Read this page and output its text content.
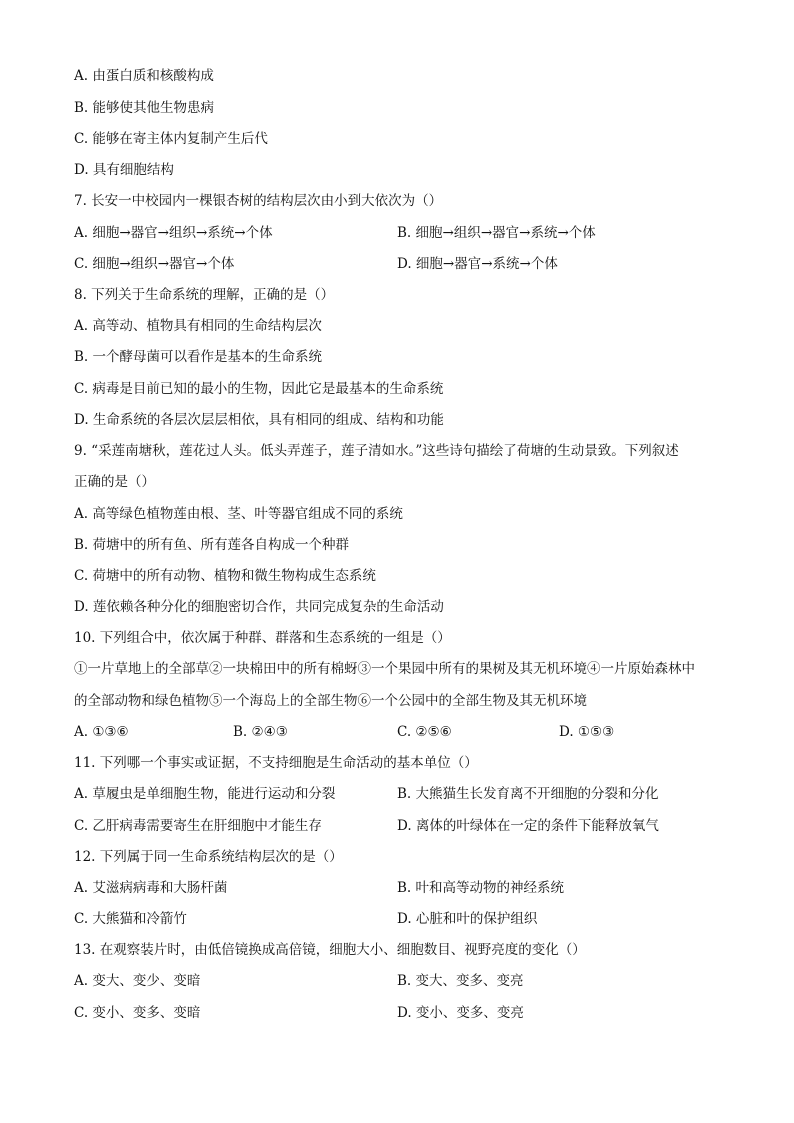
A. 由蛋白质和核酸构成
B. 能够使其他生物患病
C. 能够在寄主体内复制产生后代
D. 具有细胞结构
7. 长安一中校园内一棵银杏树的结构层次由小到大依次为（）
A. 细胞→器官→组织→系统→个体	B. 细胞→组织→器官→系统→个体
C. 细胞→组织→器官→个体	D. 细胞→器官→系统→个体
8. 下列关于生命系统的理解，正确的是（）
A. 高等动、植物具有相同的生命结构层次
B. 一个酵母菌可以看作是基本的生命系统
C. 病毒是目前已知的最小的生物，因此它是最基本的生命系统
D. 生命系统的各层次层层相依，具有相同的组成、结构和功能
9. “采莲南塘秋，莲花过人头。低头弄莲子，莲子清如水。”这些诗句描绘了荷塘的生动景致。下列叙述
正确的是（）
A. 高等绿色植物莲由根、茎、叶等器官组成不同的系统
B. 荷塘中的所有鱼、所有莲各自构成一个种群
C. 荷塘中的所有动物、植物和微生物构成生态系统
D. 莲依赖各种分化的细胞密切合作，共同完成复杂的生命活动
10. 下列组合中，依次属于种群、群落和生态系统的一组是（）
①一片草地上的全部草②一块棉田中的所有棉蚜③一个果园中所有的果树及其无机环境④一片原始森林中
的全部动物和绿色植物⑤一个海岛上的全部生物⑥一个公园中的全部生物及其无机环境
A. ①③⑥	B. ②④③	C. ②⑤⑥	D. ①⑤③
11. 下列哪一个事实或证据，不支持细胞是生命活动的基本单位（）
A. 草履虫是单细胞生物，能进行运动和分裂	B. 大熊猫生长发育离不开细胞的分裂和分化
C. 乙肝病毒需要寄生在肝细胞中才能生存	D. 离体的叶绿体在一定的条件下能释放氧气
12. 下列属于同一生命系统结构层次的是（）
A. 艾滋病病毒和大肠杆菌	B. 叶和高等动物的神经系统
C. 大熊猫和冷箭竹	D. 心脏和叶的保护组织
13. 在观察装片时，由低倍镜换成高倍镜，细胞大小、细胞数目、视野亮度的变化（）
A. 变大、变少、变暗	B. 变大、变多、变亮
C. 变小、变多、变暗	D. 变小、变多、变亮
